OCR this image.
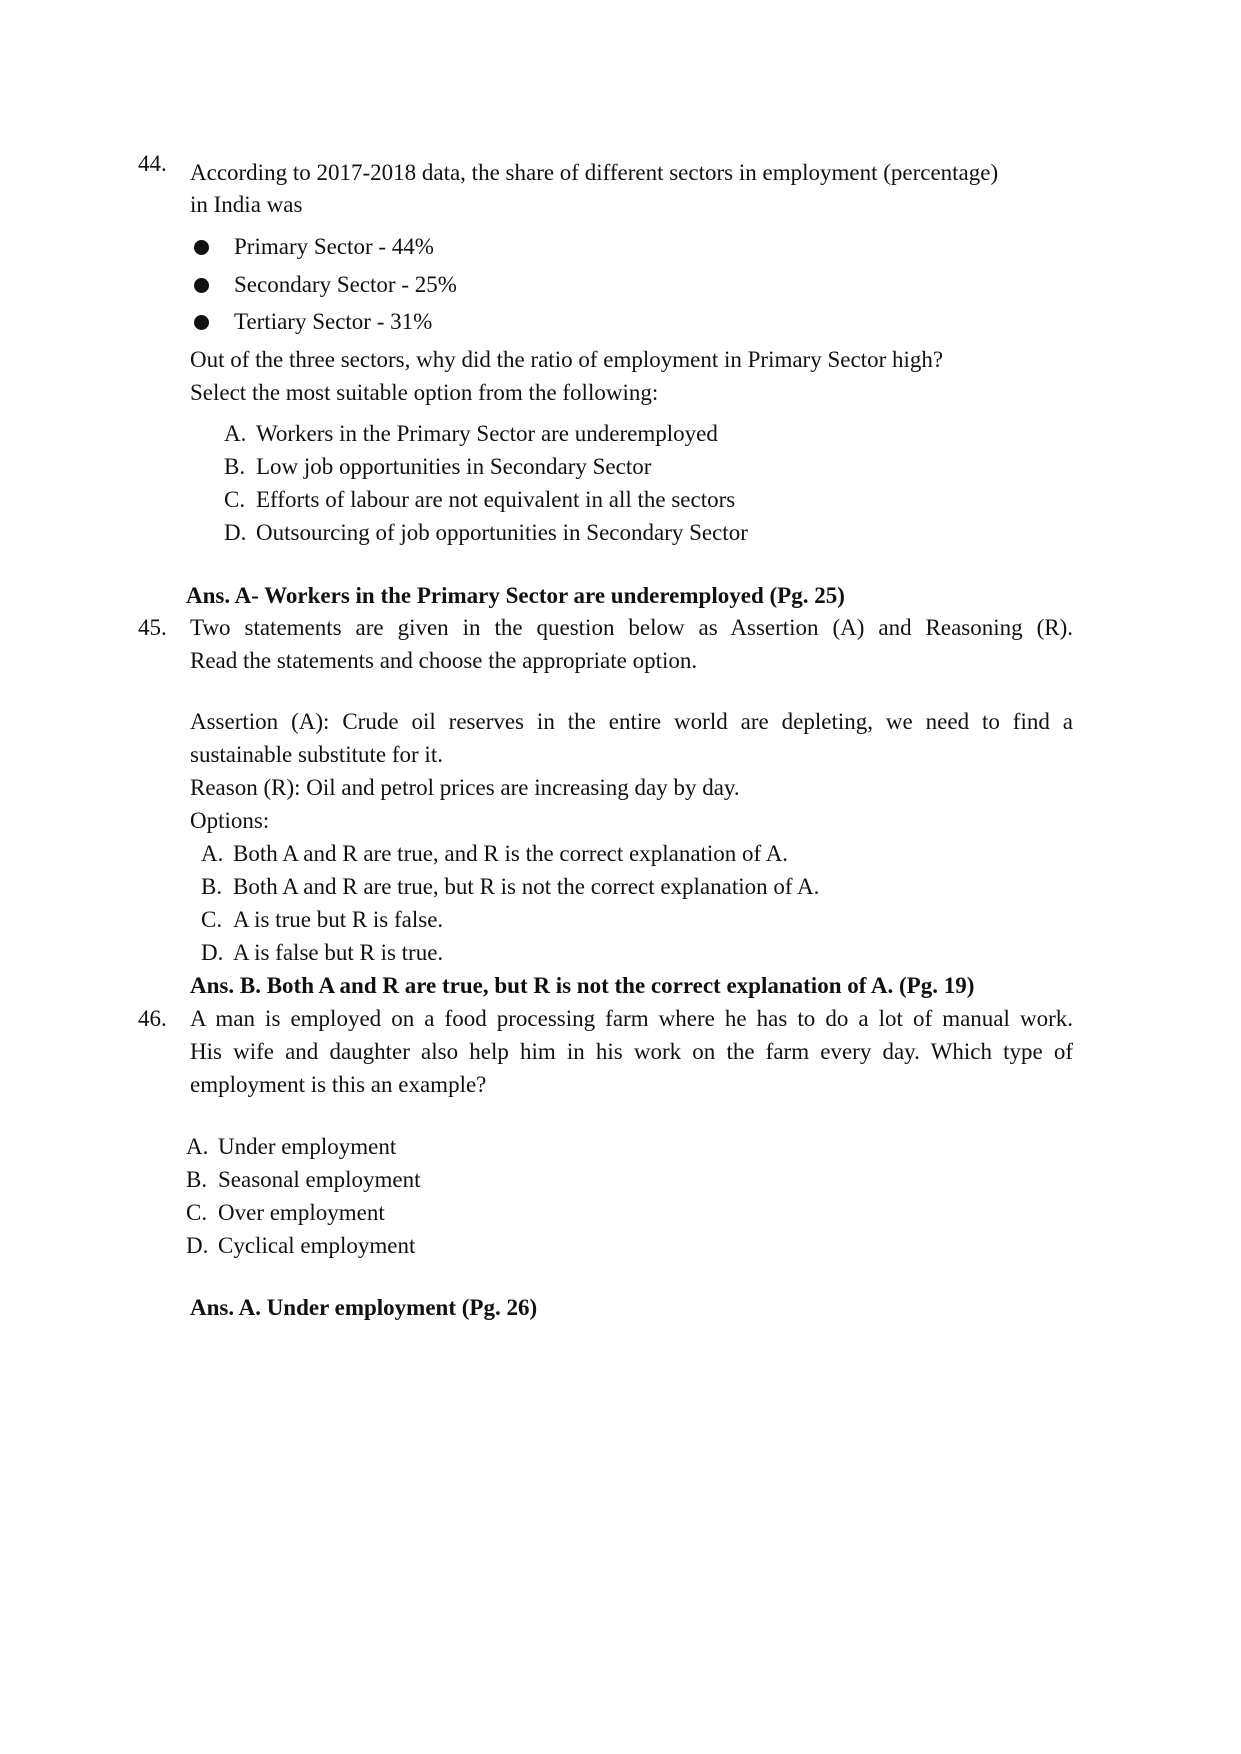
44. According to 2017-2018 data, the share of different sectors in employment (percentage)
in India was
Primary Sector - 44%
Secondary Sector - 25%
Tertiary Sector - 31%
Out of the three sectors, why did the ratio of employment in Primary Sector high?
Select the most suitable option from the following:
A. Workers in the Primary Sector are underemployed
B. Low job opportunities in Secondary Sector
C. Efforts of labour are not equivalent in all the sectors
D. Outsourcing of job opportunities in Secondary Sector
Ans. A- Workers in the Primary Sector are underemployed (Pg. 25)
45. Two statements are given in the question below as Assertion (A) and Reasoning (R).
Read the statements and choose the appropriate option.
Assertion (A): Crude oil reserves in the entire world are depleting, we need to find a
sustainable substitute for it.
Reason (R): Oil and petrol prices are increasing day by day.
Options:
A. Both A and R are true, and R is the correct explanation of A.
B. Both A and R are true, but R is not the correct explanation of A.
C. A is true but R is false.
D. A is false but R is true.
Ans. B. Both A and R are true, but R is not the correct explanation of A. (Pg. 19)
46. A man is employed on a food processing farm where he has to do a lot of manual work.
His wife and daughter also help him in his work on the farm every day. Which type of
employment is this an example?
A. Under employment
B. Seasonal employment
C. Over employment
D. Cyclical employment
Ans. A. Under employment (Pg. 26)
